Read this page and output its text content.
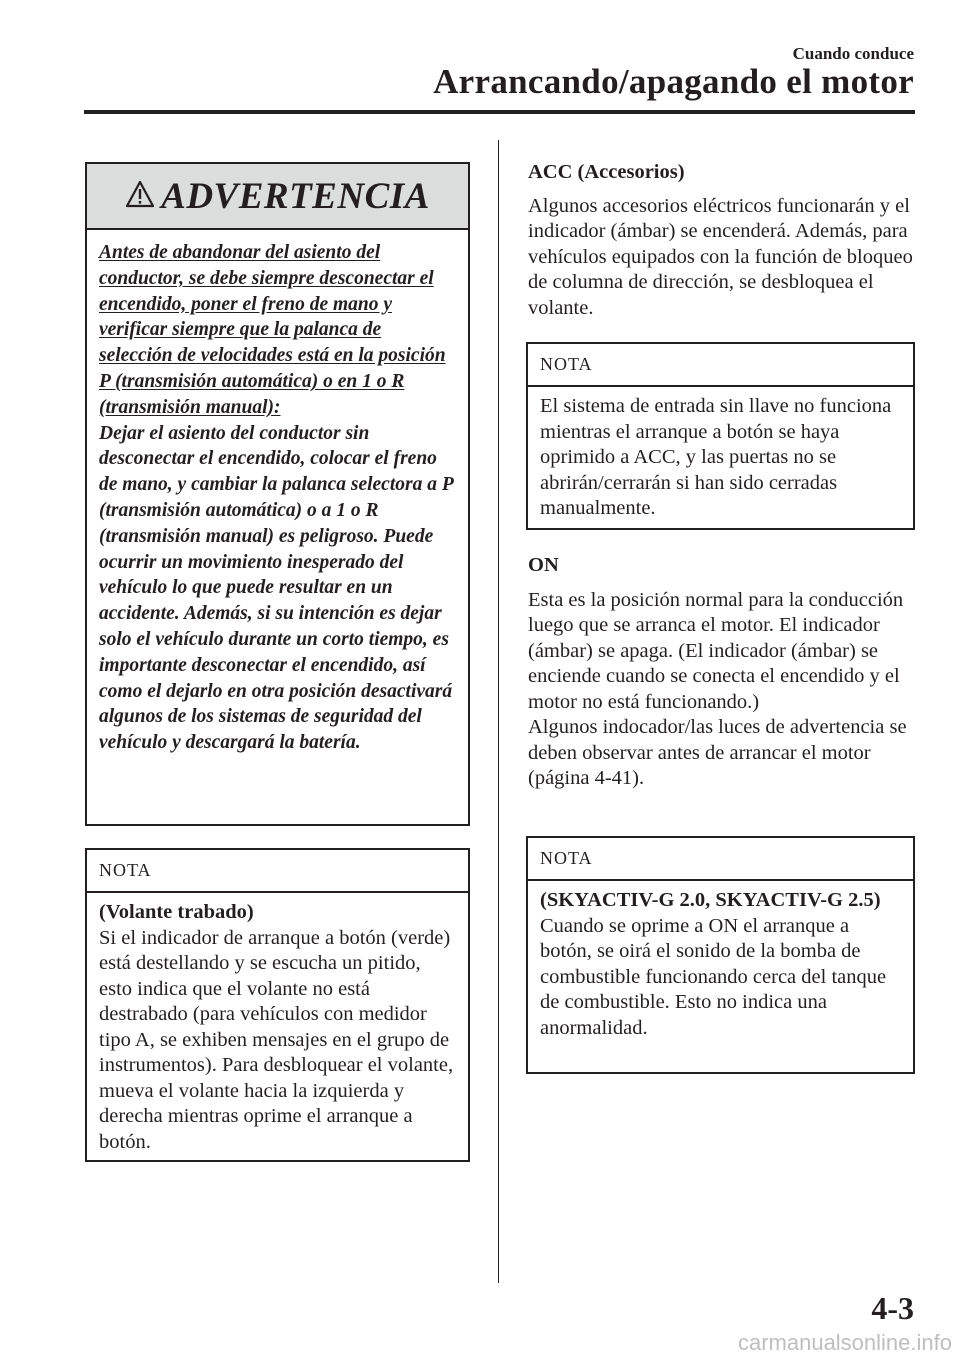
Cuando conduce
Arrancando/apagando el motor
ADVERTENCIA
Antes de abandonar del asiento del conductor, se debe siempre desconectar el encendido, poner el freno de mano y verificar siempre que la palanca de selección de velocidades está en la posición P (transmisión automática) o en 1 o R (transmisión manual):
Dejar el asiento del conductor sin desconectar el encendido, colocar el freno de mano, y cambiar la palanca selectora a P (transmisión automática) o a 1 o R (transmisión manual) es peligroso. Puede ocurrir un movimiento inesperado del vehículo lo que puede resultar en un accidente. Además, si su intención es dejar solo el vehículo durante un corto tiempo, es importante desconectar el encendido, así como el dejarlo en otra posición desactivará algunos de los sistemas de seguridad del vehículo y descargará la batería.
NOTA
(Volante trabado)
Si el indicador de arranque a botón (verde) está destellando y se escucha un pitido, esto indica que el volante no está destrabado (para vehículos con medidor tipo A, se exhiben mensajes en el grupo de instrumentos). Para desbloquear el volante, mueva el volante hacia la izquierda y derecha mientras oprime el arranque a botón.
ACC (Accesorios)
Algunos accesorios eléctricos funcionarán y el indicador (ámbar) se encenderá. Además, para vehículos equipados con la función de bloqueo de columna de dirección, se desbloquea el volante.
NOTA
El sistema de entrada sin llave no funciona mientras el arranque a botón se haya oprimido a ACC, y las puertas no se abrirán/cerrarán si han sido cerradas manualmente.
ON
Esta es la posición normal para la conducción luego que se arranca el motor. El indicador (ámbar) se apaga. (El indicador (ámbar) se enciende cuando se conecta el encendido y el motor no está funcionando.)
Algunos indocador/las luces de advertencia se deben observar antes de arrancar el motor (página 4-41).
NOTA
(SKYACTIV-G 2.0, SKYACTIV-G 2.5)
Cuando se oprime a ON el arranque a botón, se oirá el sonido de la bomba de combustible funcionando cerca del tanque de combustible. Esto no indica una anormalidad.
4-3
carmanualsonline.info
